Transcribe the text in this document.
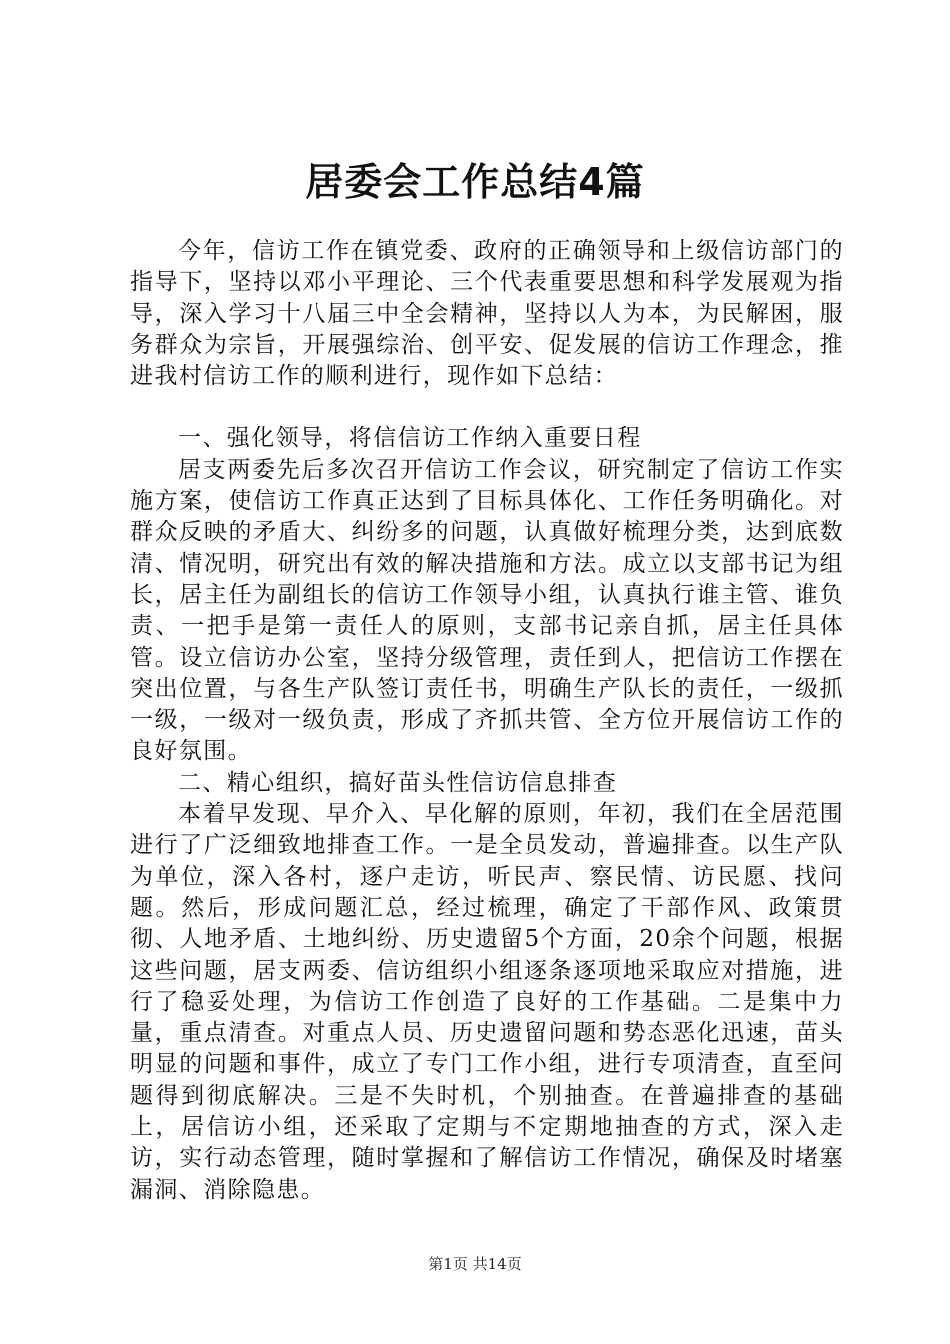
居委会工作总结4篇

今年，信访工作在镇党委、政府的正确领导和上级信访部门的指导下，坚持以邓小平理论、三个代表重要思想和科学发展观为指导，深入学习十八届三中全会精神，坚持以人为本，为民解困，服务群众为宗旨，开展强综治、创平安、促发展的信访工作理念，推进我村信访工作的顺利进行，现作如下总结：

一、强化领导，将信信访工作纳入重要日程

居支两委先后多次召开信访工作会议，研究制定了信访工作实施方案，使信访工作真正达到了目标具体化、工作任务明确化。对群众反映的矛盾大、纠纷多的问题，认真做好梳理分类，达到底数清、情况明，研究出有效的解决措施和方法。成立以支部书记为组长，居主任为副组长的信访工作领导小组，认真执行谁主管、谁负责、一把手是第一责任人的原则，支部书记亲自抓，居主任具体管。设立信访办公室，坚持分级管理，责任到人，把信访工作摆在突出位置，与各生产队签订责任书，明确生产队长的责任，一级抓一级，一级对一级负责，形成了齐抓共管、全方位开展信访工作的良好氛围。

二、精心组织，搞好苗头性信访信息排查

本着早发现、早介入、早化解的原则，年初，我们在全居范围进行了广泛细致地排查工作。一是全员发动，普遍排查。以生产队为单位，深入各村，逐户走访，听民声、察民情、访民愿、找问题。然后，形成问题汇总，经过梳理，确定了干部作风、政策贯彻、人地矛盾、土地纠纷、历史遗留5个方面，20余个问题，根据这些问题，居支两委、信访组织小组逐条逐项地采取应对措施，进行了稳妥处理，为信访工作创造了良好的工作基础。二是集中力量，重点清查。对重点人员、历史遗留问题和势态恶化迅速，苗头明显的问题和事件，成立了专门工作小组，进行专项清查，直至问题得到彻底解决。三是不失时机，个别抽查。在普遍排查的基础上，居信访小组，还采取了定期与不定期地抽查的方式，深入走访，实行动态管理，随时掌握和了解信访工作情况，确保及时堵塞漏洞、消除隐患。

第1页 共14页
